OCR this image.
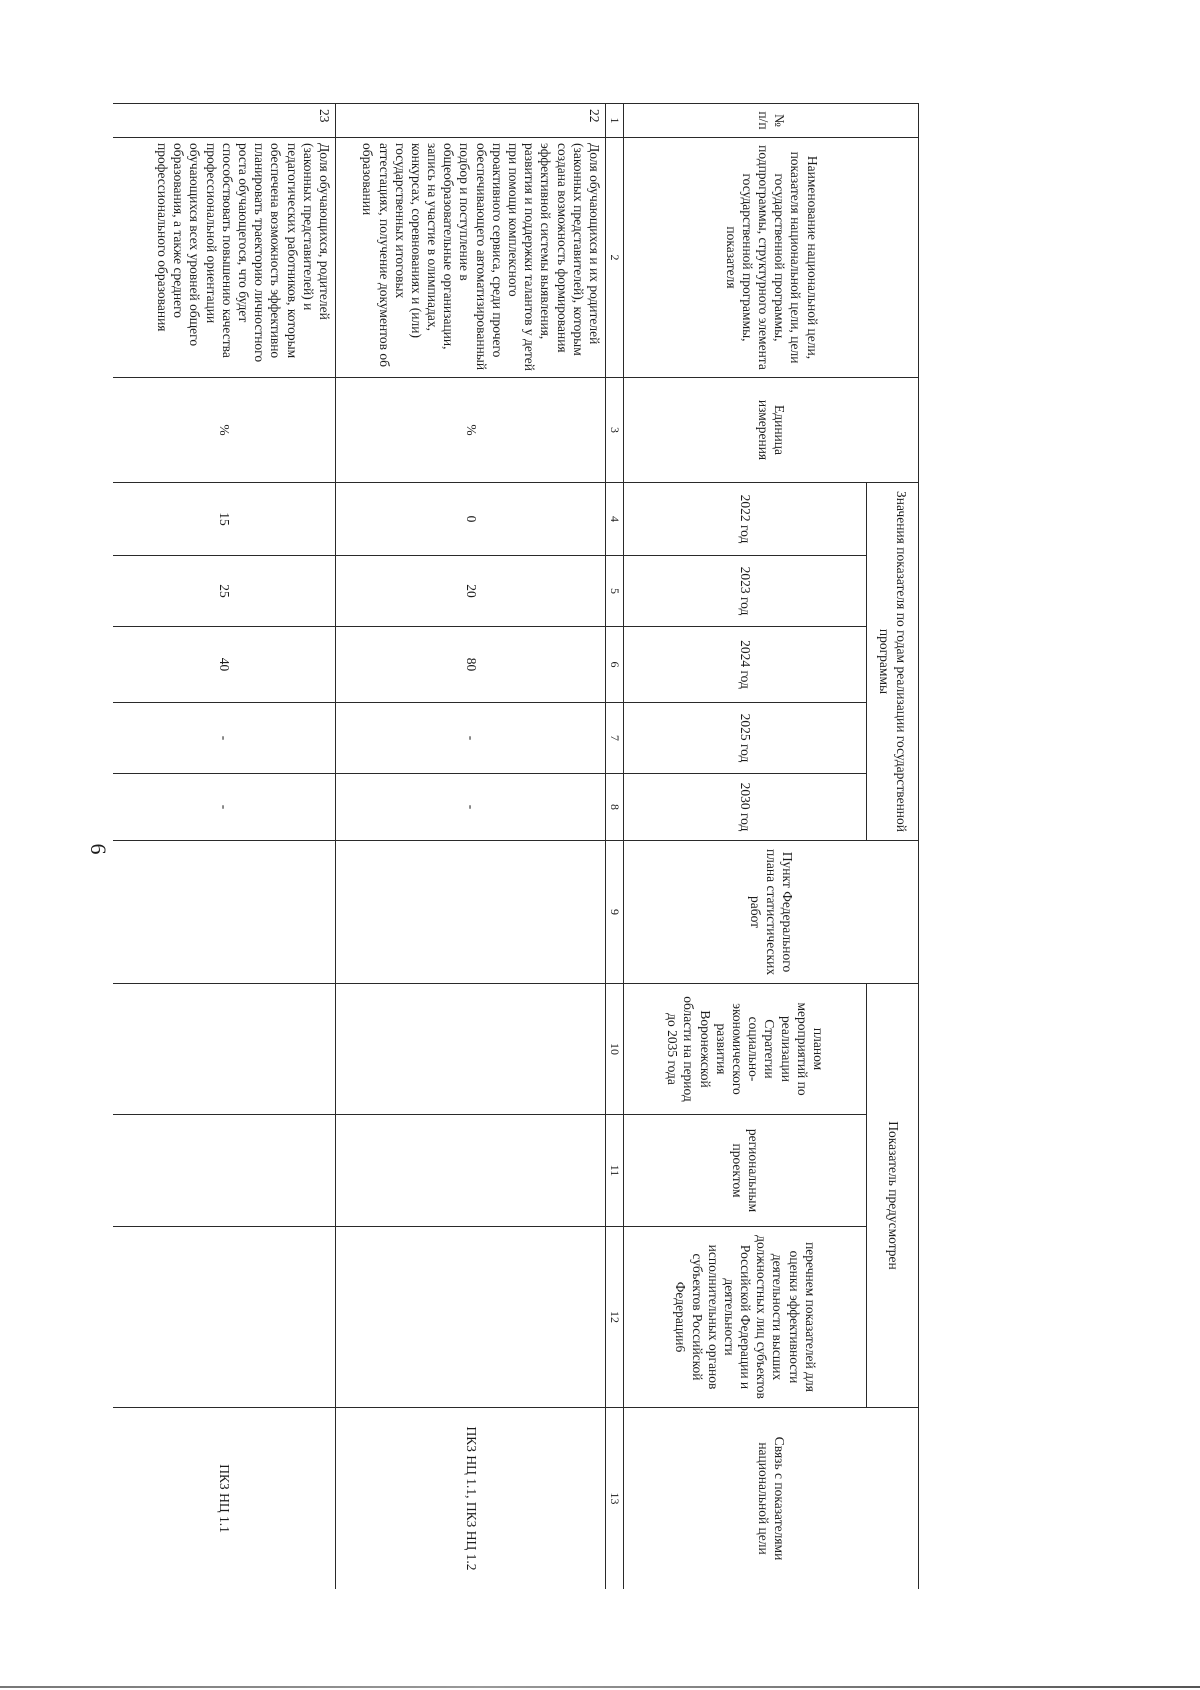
6
№ п/п	Наименование национальной цели, показателя национальной цели, цели государственной программы, подпрограммы, структурного элемента государственной программы, показателя	Единица измерения	Значения показателя по годам реализации государственной программы					Пункт Федерального плана статистических работ	Показатель предусмотрен			Связь с показателями национальной цели
			2022 год	2023 год	2024 год	2025 год	2030 год		планом мероприятий по реализации Стратегии социально-экономического развития Воронежской области на период до 2035 года	региональным проектом	перечнем показателей для оценки эффективности деятельности высших должностных лиц субъектов Российской Федерации и деятельности исполнительных органов субъектов Российской Федерации6	
1	2	3	4	5	6	7	8	9	10	11	12	13
22	Доля обучающихся и их родителей (законных представителей), которым создана возможность формирования эффективной системы выявления, развития и поддержки талантов у детей при помощи комплексного проактивного сервиса, среди прочего обеспечивающего автоматизированный подбор и поступление в общеобразовательные организации, запись на участие в олимпиадах, конкурсах, соревнованиях и (или) государственных итоговых аттестациях, получение документов об образовании	%	0	20	80	-	-					ПКЗ НЦ 1.1, ПКЗ НЦ 1.2
23	Доля обучающихся, родителей (законных представителей) и педагогических работников, которым обеспечена возможность эффективно планировать траекторию личностного роста обучающегося, что будет способствовать повышению качества профессиональной ориентации обучающихся всех уровней общего образования, а также среднего профессионального образования	%	15	25	40	-	-					ПКЗ НЦ 1.1
